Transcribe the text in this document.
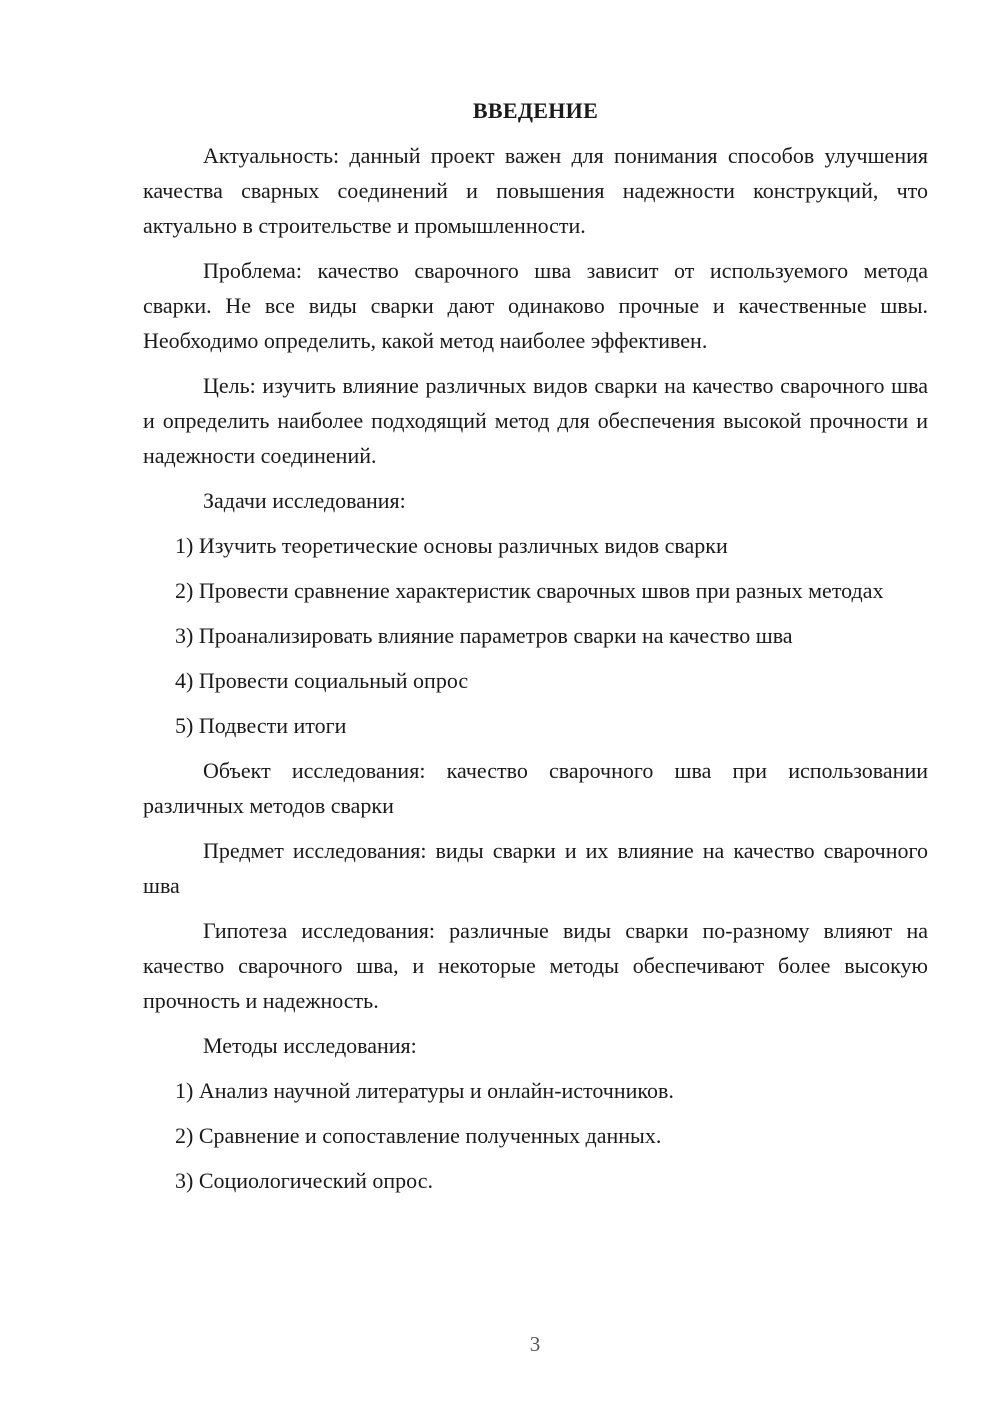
ВВЕДЕНИЕ

Актуальность: данный проект важен для понимания способов улучшения качества сварных соединений и повышения надежности конструкций, что актуально в строительстве и промышленности.

Проблема: качество сварочного шва зависит от используемого метода сварки. Не все виды сварки дают одинаково прочные и качественные швы. Необходимо определить, какой метод наиболее эффективен.

Цель: изучить влияние различных видов сварки на качество сварочного шва и определить наиболее подходящий метод для обеспечения высокой прочности и надежности соединений.

Задачи исследования:

1) Изучить теоретические основы различных видов сварки

2) Провести сравнение характеристик сварочных швов при разных методах

3) Проанализировать влияние параметров сварки на качество шва

4) Провести социальный опрос

5) Подвести итоги

Объект исследования: качество сварочного шва при использовании различных методов сварки

Предмет исследования: виды сварки и их влияние на качество сварочного шва

Гипотеза исследования: различные виды сварки по-разному влияют на качество сварочного шва, и некоторые методы обеспечивают более высокую прочность и надежность.

Методы исследования:

1) Анализ научной литературы и онлайн-источников.

2) Сравнение и сопоставление полученных данных.

3) Социологический опрос.

3
